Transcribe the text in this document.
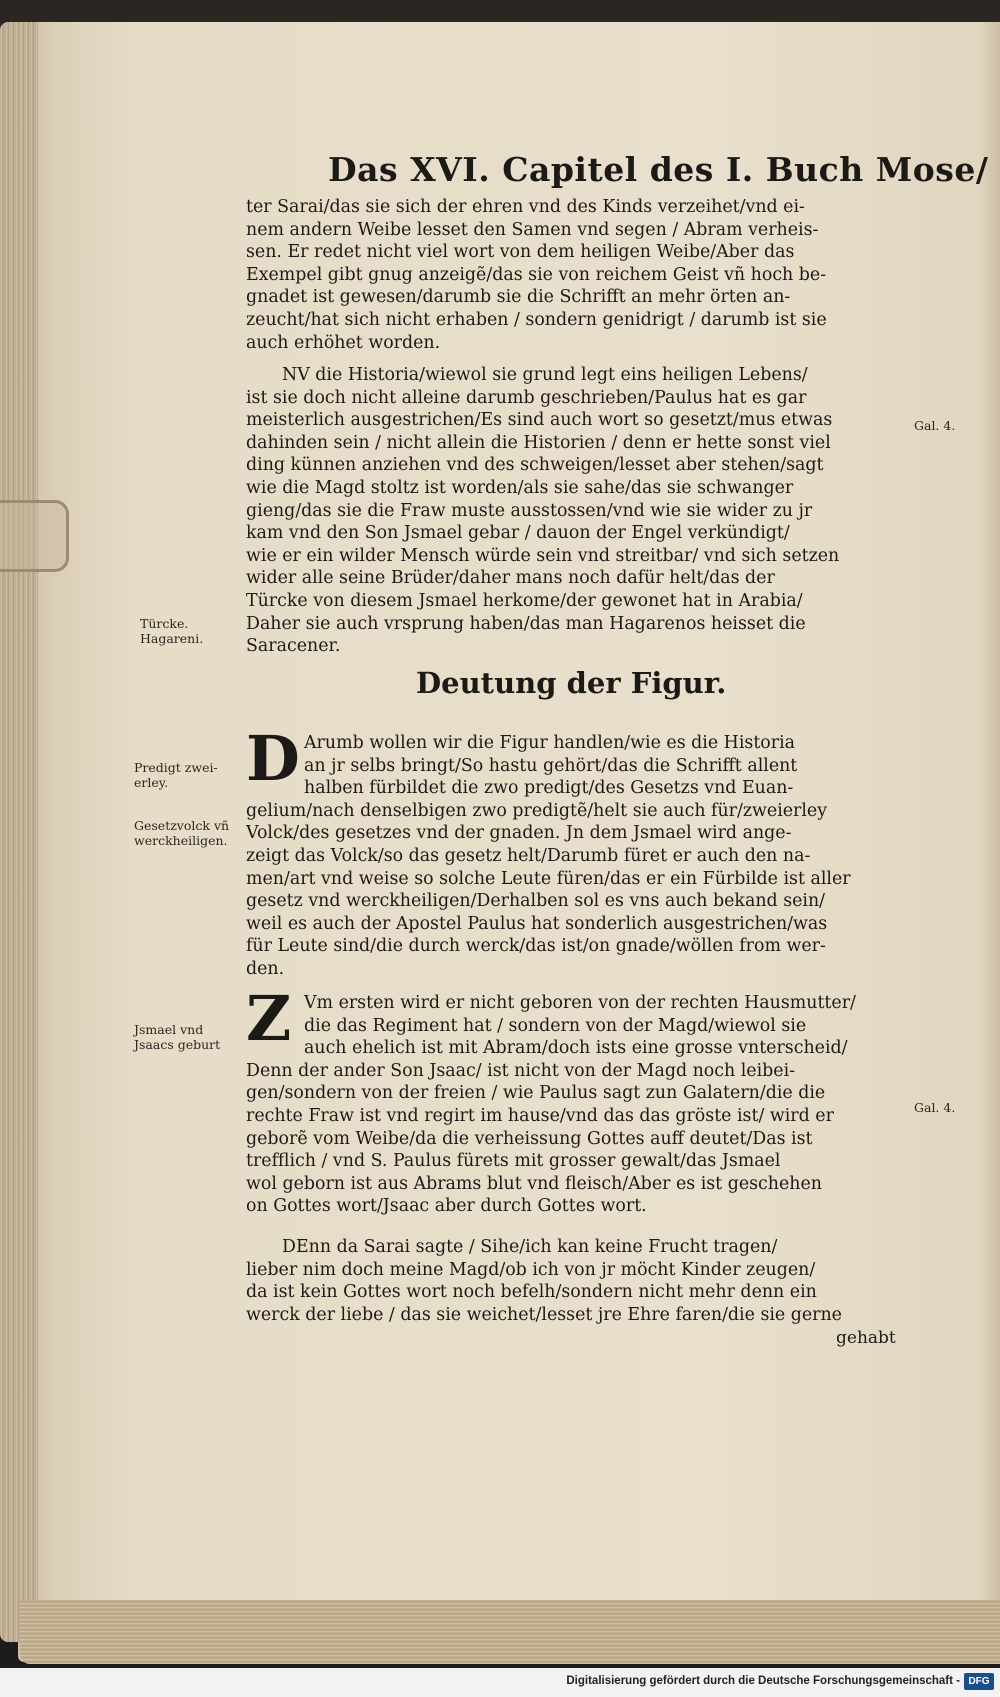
Das XVI. Capitel des I. Buch Mose/
ter Sarai/das sie sich der ehren vnd des Kinds verzeihet/vnd ei-
nem andern Weibe lesset den Samen vnd segen / Abram verheis-
sen. Er redet nicht viel wort von dem heiligen Weibe/Aber das
Exempel gibt gnug anzeigẽ/das sie von reichem Geist vñ hoch be-
gnadet ist gewesen/darumb sie die Schrifft an mehr örten an-
zeucht/hat sich nicht erhaben / sondern genidrigt / darumb ist sie
auch erhöhet worden.
NV die Historia/wiewol sie grund legt eins heiligen Lebens/
ist sie doch nicht alleine darumb geschrieben/Paulus hat es gar
meisterlich ausgestrichen/Es sind auch wort so gesetzt/mus etwas
dahinden sein / nicht allein die Historien / denn er hette sonst viel
ding künnen anziehen vnd des schweigen/lesset aber stehen/sagt
wie die Magd stoltz ist worden/als sie sahe/das sie schwanger
gieng/das sie die Fraw muste ausstossen/vnd wie sie wider zu jr
kam vnd den Son Jsmael gebar / dauon der Engel verkündigt/
wie er ein wilder Mensch würde sein vnd streitbar/ vnd sich setzen
wider alle seine Brüder/daher mans noch dafür helt/das der
Türcke von diesem Jsmael herkome/der gewonet hat in Arabia/
Daher sie auch vrsprung haben/das man Hagarenos heisset die
Saracener.
Deutung der Figur.
D Arumb wollen wir die Figur handlen/wie es die Historia
an jr selbs bringt/So hastu gehört/das die Schrifft allent
halben fürbildet die zwo predigt/des Gesetzs vnd Euan-
gelium/nach denselbigen zwo predigtẽ/helt sie auch für/zweierley
Volck/des gesetzes vnd der gnaden. Jn dem Jsmael wird ange-
zeigt das Volck/so das gesetz helt/Darumb füret er auch den na-
men/art vnd weise so solche Leute füren/das er ein Fürbilde ist aller
gesetz vnd werckheiligen/Derhalben sol es vns auch bekand sein/
weil es auch der Apostel Paulus hat sonderlich ausgestrichen/was
für Leute sind/die durch werck/das ist/on gnade/wöllen from wer-
den.
Z Vm ersten wird er nicht geboren von der rechten Hausmutter/
die das Regiment hat / sondern von der Magd/wiewol sie
auch ehelich ist mit Abram/doch ists eine grosse vnterscheid/
Denn der ander Son Jsaac/ ist nicht von der Magd noch leibei-
gen/sondern von der freien / wie Paulus sagt zun Galatern/die die
rechte Fraw ist vnd regirt im hause/vnd das das gröste ist/ wird er
geborẽ vom Weibe/da die verheissung Gottes auff deutet/Das ist
trefflich / vnd S. Paulus fürets mit grosser gewalt/das Jsmael
wol geborn ist aus Abrams blut vnd fleisch/Aber es ist geschehen
on Gottes wort/Jsaac aber durch Gottes wort.
DEnn da Sarai sagte / Sihe/ich kan keine Frucht tragen/
lieber nim doch meine Magd/ob ich von jr möcht Kinder zeugen/
da ist kein Gottes wort noch befelh/sondern nicht mehr denn ein
werck der liebe / das sie weichet/lesset jre Ehre faren/die sie gerne
gehabt
Gal. 4.
Türcke.
Hagareni.
Predigt zwei-
erley.
Gesetzvolck vñ
werckheiligen.
Jsmael vnd
Jsaacs geburt
Gal. 4.
Digitalisierung gefördert durch die Deutsche Forschungsgemeinschaft - DFG
